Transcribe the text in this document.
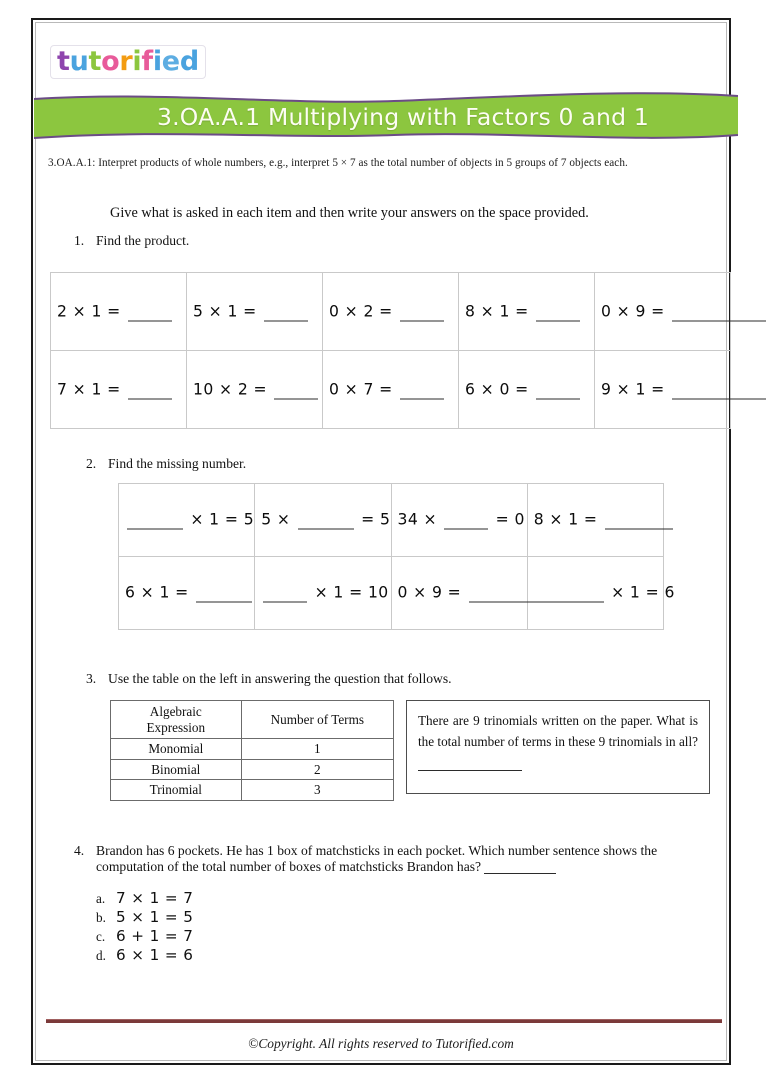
tutorified
3.OA.A.1 Multiplying with Factors 0 and 1
3.OA.A.1: Interpret products of whole numbers, e.g., interpret 5 × 7 as the total number of objects in 5 groups of 7 objects each.
Give what is asked in each item and then write your answers on the space provided.
1. Find the product.
2 × 1 =	5 × 1 =	0 × 2 =	8 × 1 =	0 × 9 =

7 × 1 =	10 × 2 =	0 × 7 =	6 × 0 =	9 × 1 =
2. Find the missing number.
× 1 = 5	5 × = 5	34 × = 0	8 × 1 =

6 × 1 =	× 1 = 10	0 × 9 =	× 1 = 6
3. Use the table on the left in answering the question that follows.
Algebraic
Expression	Number of Terms
Monomial	1
Binomial	2
Trinomial	3
There are 9 trinomials written on the paper. What is the total number of terms in these 9 trinomials in all?
4. Brandon has 6 pockets. He has 1 box of matchsticks in each pocket. Which number sentence shows the computation of the total number of boxes of matchsticks Brandon has?
a. 7 × 1 = 7
b. 5 × 1 = 5
c. 6 + 1 = 7
d. 6 × 1 = 6
©Copyright. All rights reserved to Tutorified.com
